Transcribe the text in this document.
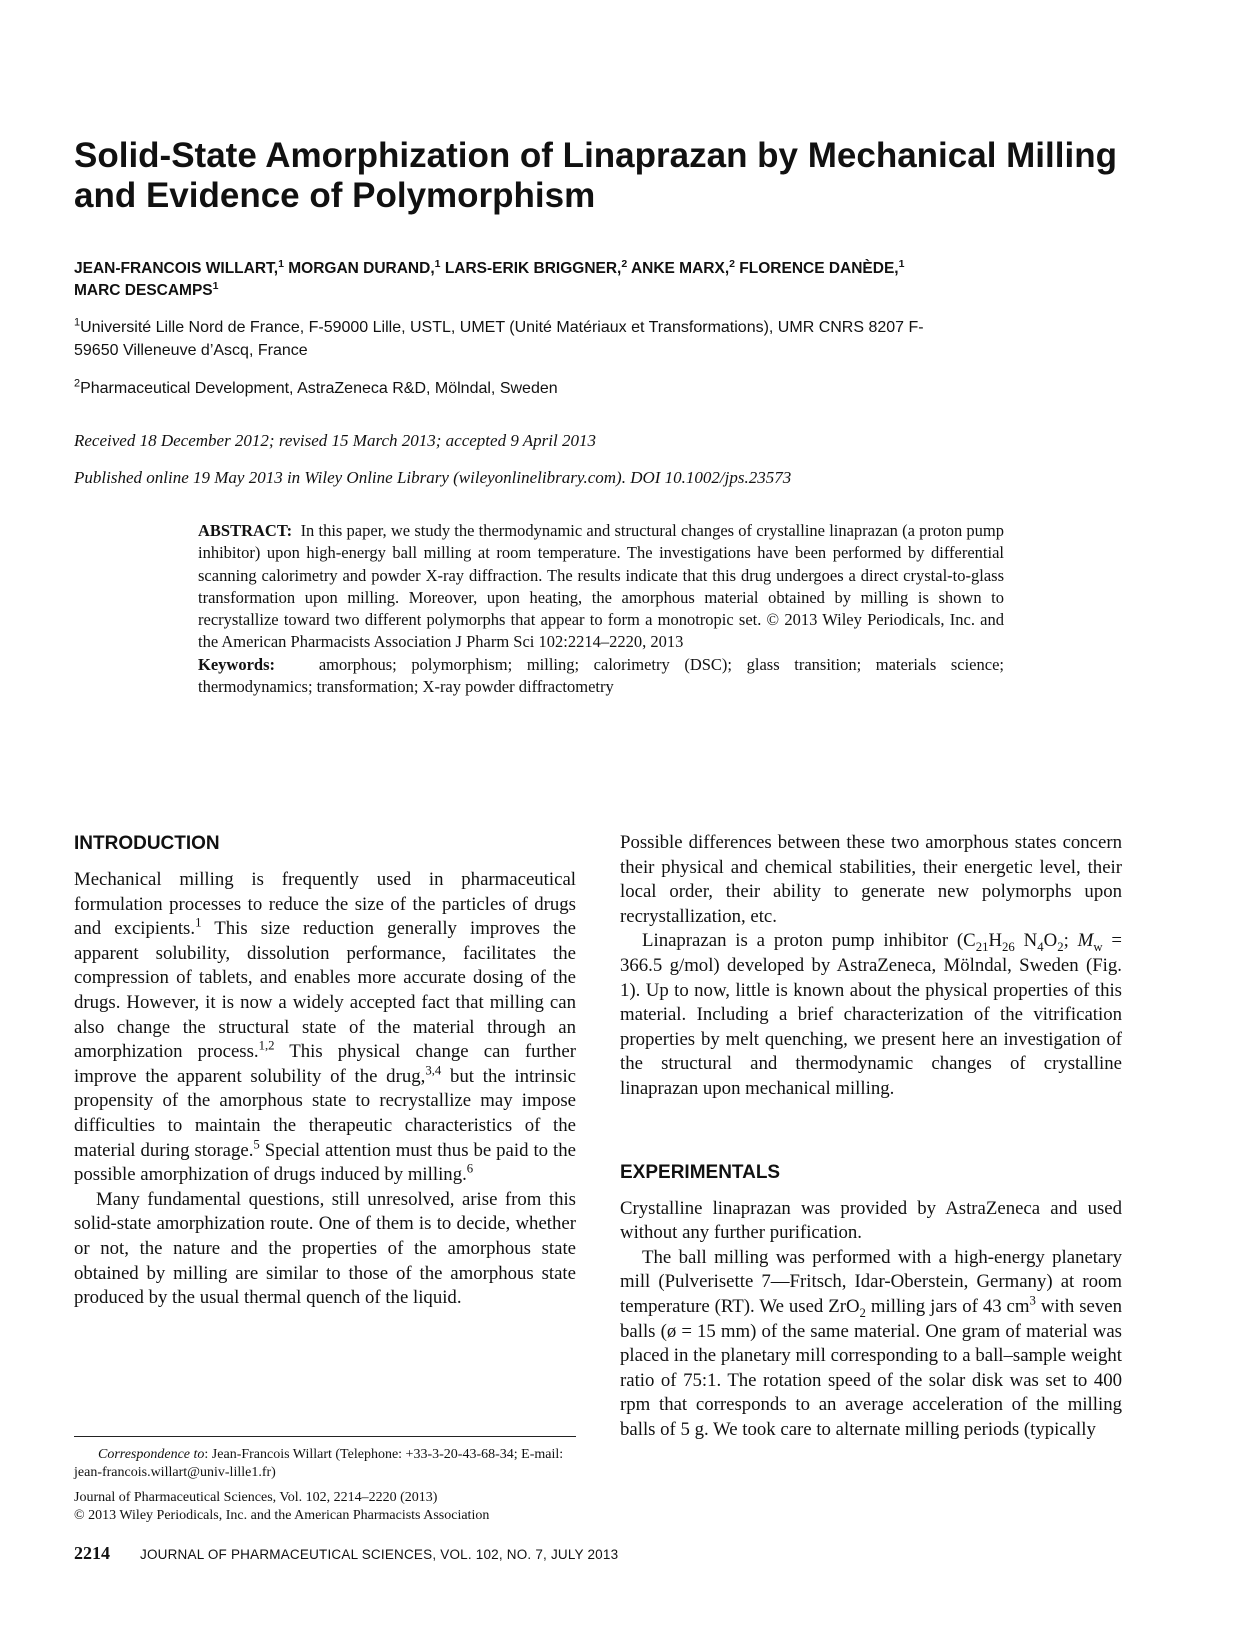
Solid-State Amorphization of Linaprazan by Mechanical Milling
and Evidence of Polymorphism

JEAN-FRANCOIS WILLART,$^1$ MORGAN DURAND,$^1$ LARS-ERIK BRIGGNER,$^2$ ANKE MARX,$^2$ FLORENCE DANÈDE,$^1$
MARC DESCAMPS$^1$

$^1$Université Lille Nord de France, F-59000 Lille, USTL, UMET (Unité Matériaux et Transformations), UMR CNRS 8207 F-59650 Villeneuve d’Ascq, France

$^2$Pharmaceutical Development, AstraZeneca R&D, Mölndal, Sweden

Received 18 December 2012; revised 15 March 2013; accepted 9 April 2013

Published online 19 May 2013 in Wiley Online Library (wileyonlinelibrary.com). DOI 10.1002/jps.23573

ABSTRACT: In this paper, we study the thermodynamic and structural changes of crystalline linaprazan (a proton pump inhibitor) upon high-energy ball milling at room temperature. The investigations have been performed by differential scanning calorimetry and powder X-ray diffraction. The results indicate that this drug undergoes a direct crystal-to-glass transformation upon milling. Moreover, upon heating, the amorphous material obtained by milling is shown to recrystallize toward two different polymorphs that appear to form a monotropic set. © 2013 Wiley Periodicals, Inc. and the American Pharmacists Association J Pharm Sci 102:2214–2220, 2013

Keywords:	amorphous; polymorphism; milling; calorimetry (DSC); glass transition; materials science; thermodynamics; transformation; X-ray powder diffractometry

INTRODUCTION

Mechanical milling is frequently used in pharmaceutical formulation processes to reduce the size of the particles of drugs and excipients.$^1$ This size reduction generally improves the apparent solubility, dissolution performance, facilitates the compression of tablets, and enables more accurate dosing of the drugs. However, it is now a widely accepted fact that milling can also change the structural state of the material through an amorphization process.$^{1,2}$ This physical change can further improve the apparent solubility of the drug,$^{3,4}$ but the intrinsic propensity of the amorphous state to recrystallize may impose difficulties to maintain the therapeutic characteristics of the material during storage.$^5$ Special attention must thus be paid to the possible amorphization of drugs induced by milling.$^6$

Many fundamental questions, still unresolved, arise from this solid-state amorphization route. One of them is to decide, whether or not, the nature and the properties of the amorphous state obtained by milling are similar to those of the amorphous state produced by the usual thermal quench of the liquid.

Possible differences between these two amorphous states concern their physical and chemical stabilities, their energetic level, their local order, their ability to generate new polymorphs upon recrystallization, etc.

Linaprazan is a proton pump inhibitor ($C_{21}H_{26}$ $N_4O_2$; $M_w = 366.5$ g/mol) developed by AstraZeneca, Mölndal, Sweden (Fig. 1). Up to now, little is known about the physical properties of this material. Including a brief characterization of the vitrification properties by melt quenching, we present here an investigation of the structural and thermodynamic changes of crystalline linaprazan upon mechanical milling.

EXPERIMENTALS

Crystalline linaprazan was provided by AstraZeneca and used without any further purification.

The ball milling was performed with a high-energy planetary mill (Pulverisette 7—Fritsch, Idar-Oberstein, Germany) at room temperature (RT). We used ZrO$_2$ milling jars of 43 $cm^3$ with seven balls (ø = 15 mm) of the same material. One gram of material was placed in the planetary mill corresponding to a ball–sample weight ratio of 75:1. The rotation speed of the solar disk was set to 400 rpm that corresponds to an average acceleration of the milling balls of 5 g. We took care to alternate milling periods (typically

Correspondence to: Jean-Francois Willart (Telephone: +33-3-20-43-68-34; E-mail: jean-francois.willart@univ-lille1.fr)

Journal of Pharmaceutical Sciences, Vol. 102, 2214–2220 (2013)

© 2013 Wiley Periodicals, Inc. and the American Pharmacists Association

2214 JOURNAL OF PHARMACEUTICAL SCIENCES, VOL. 102, NO. 7, JULY 2013
